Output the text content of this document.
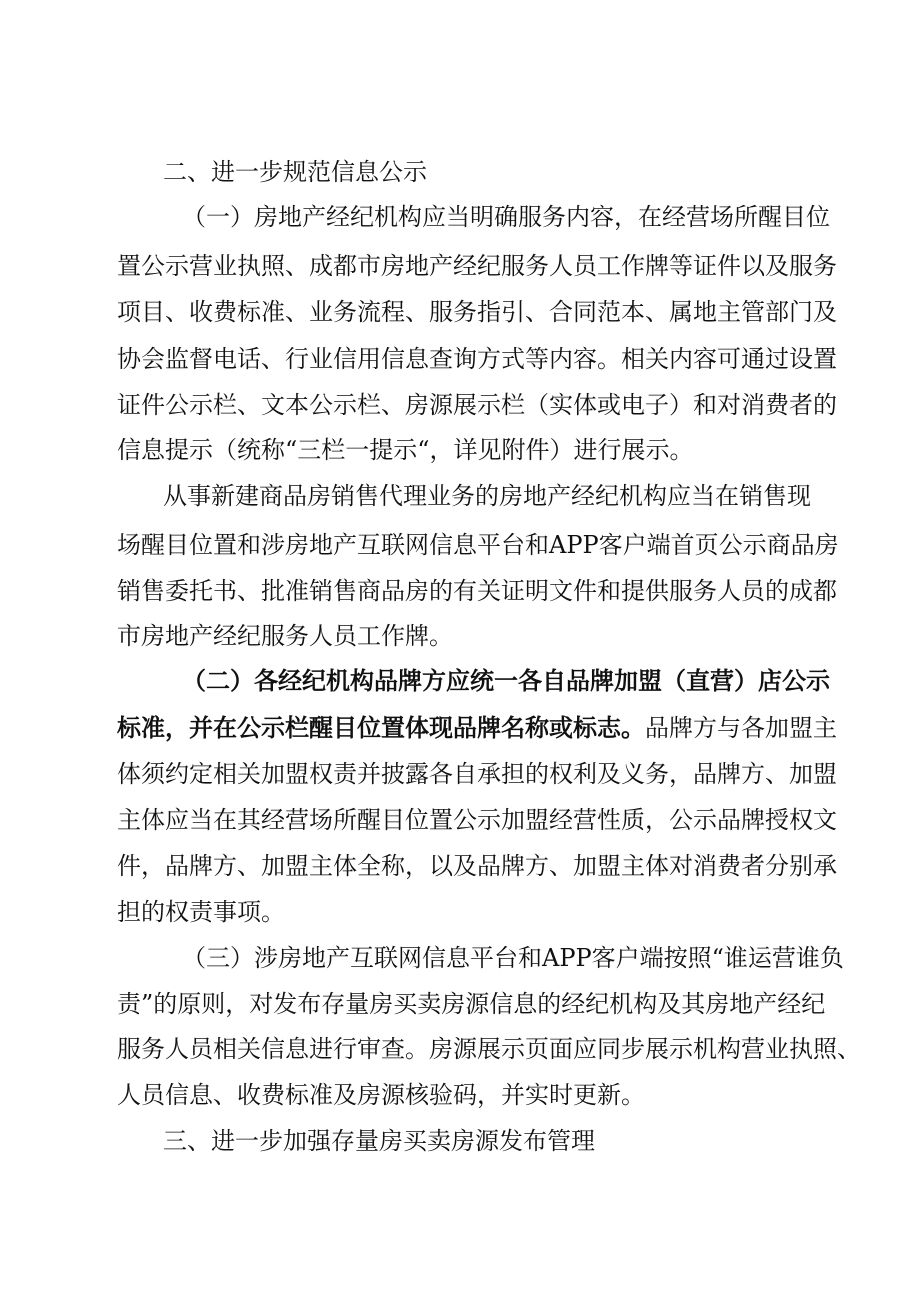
二、进一步规范信息公示
（一）房地产经纪机构应当明确服务内容，在经营场所醒目位
置公示营业执照、成都市房地产经纪服务人员工作牌等证件以及服务
项目、收费标准、业务流程、服务指引、合同范本、属地主管部门及
协会监督电话、行业信用信息查询方式等内容。相关内容可通过设置
证件公示栏、文本公示栏、房源展示栏（实体或电子）和对消费者的
信息提示（统称“三栏一提示“，详见附件）进行展示。
从事新建商品房销售代理业务的房地产经纪机构应当在销售现
场醒目位置和涉房地产互联网信息平台和APP客户端首页公示商品房
销售委托书、批准销售商品房的有关证明文件和提供服务人员的成都
市房地产经纪服务人员工作牌。
（二）各经纪机构品牌方应统一各自品牌加盟（直营）店公示
标准，并在公示栏醒目位置体现品牌名称或标志。品牌方与各加盟主
体须约定相关加盟权责并披露各自承担的权利及义务，品牌方、加盟
主体应当在其经营场所醒目位置公示加盟经营性质，公示品牌授权文
件，品牌方、加盟主体全称，以及品牌方、加盟主体对消费者分别承
担的权责事项。
（三）涉房地产互联网信息平台和APP客户端按照“谁运营谁负
责”的原则，对发布存量房买卖房源信息的经纪机构及其房地产经纪
服务人员相关信息进行审查。房源展示页面应同步展示机构营业执照、
人员信息、收费标准及房源核验码，并实时更新。
三、进一步加强存量房买卖房源发布管理
